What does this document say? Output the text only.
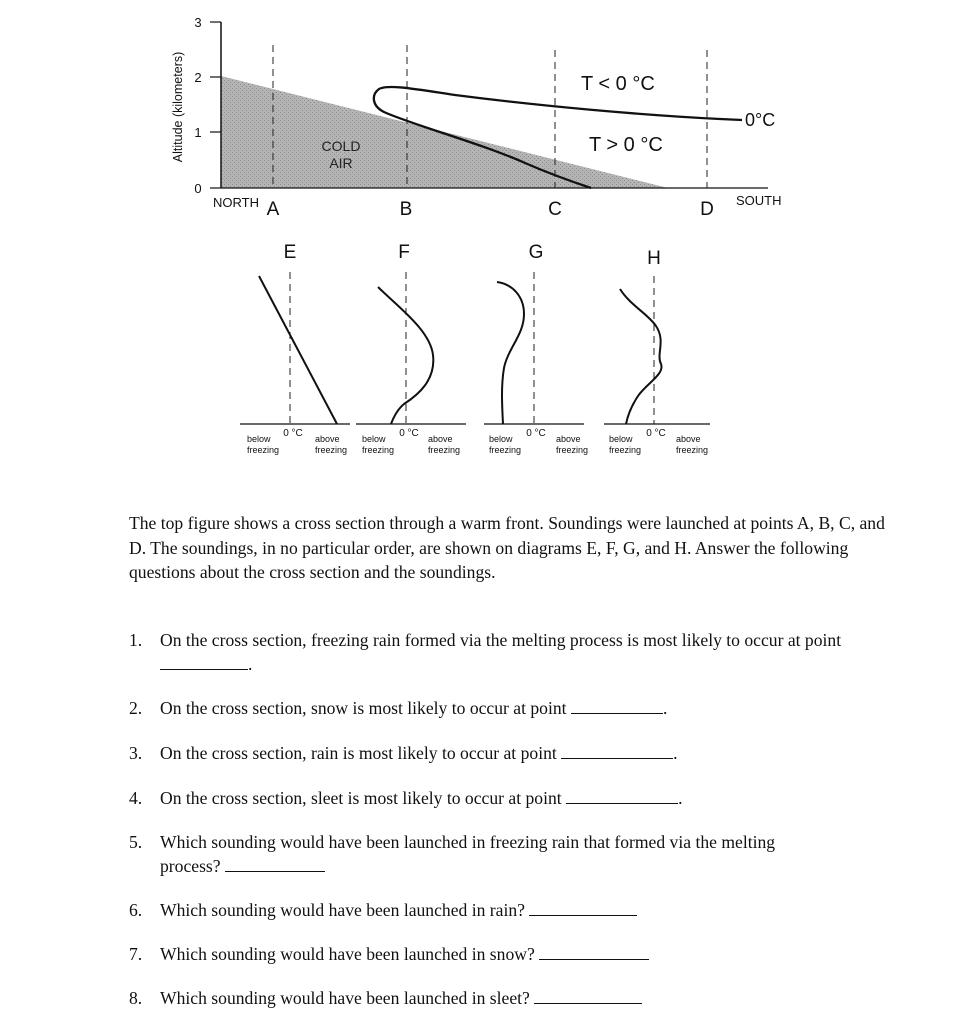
3
2
1
0
Altitude (kilometers)	COLD
AIR
T < 0 °C
T > 0 °C
0°C
NORTH A	B	C	D SOUTH
E
0 °C
below
freezing
above
freezing
F
0 °C
below
freezing
above
freezing
G
0 °C
below
freezing
above
freezing
H
0 °C
below
freezing
above
freezing
The top figure shows a cross section through a warm front. Soundings were launched at points A, B, C, and D. The soundings, in no particular order, are shown on diagrams E, F, G, and H. Answer the following questions about the cross section and the soundings.
1. On the cross section, freezing rain formed via the melting process is most likely to occur at point .
2. On the cross section, snow is most likely to occur at point	.
3. On the cross section, rain is most likely to occur at point	.
4. On the cross section, sleet is most likely to occur at point	.
5. Which sounding would have been launched in freezing rain that formed via the melting process?
6. Which sounding would have been launched in rain?
7. Which sounding would have been launched in snow?
8. Which sounding would have been launched in sleet?
